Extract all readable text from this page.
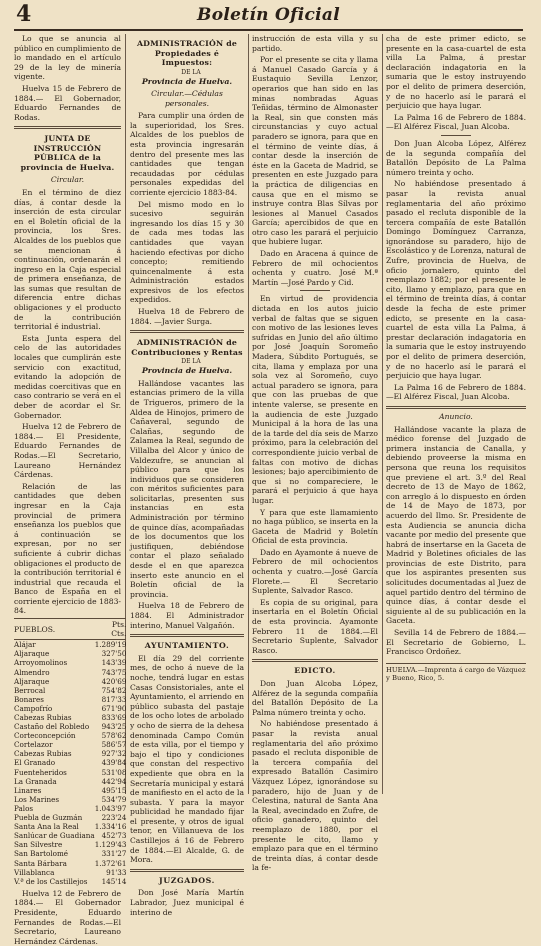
4	Boletín Oficial

Lo que se anuncia al público en cumplimiento de lo mandado en el artículo 29 de la ley de minería vigente.

Huelva 15 de Febrero de 1884.— El Gobernador, Eduardo Fernandes de Rodas.

JUNTA DE INSTRUCCIÓN PÚBLICA de la provincia de Huelva.

Circular.

En el término de diez días, á contar desde la inserción de esta circular en el Boletín oficial de la provincia, los Sres. Alcaldes de los pueblos que se mencionan á continuación, ordenarán el ingreso en la Caja especial de primera enseñanza, de las sumas que resultan de diferencia entre dichas obligaciones y el producto de la contribución territorial é industrial.

Esta Junta espera del celo de las autoridades locales que cumplirán este servicio con exactitud, evitando la adopción de medidas coercitivas que en caso contrario se verá en el deber de acordar el Sr. Gobernador.

Huelva 12 de Febrero de 1884.— El Presidente, Eduardo Fernandes de Rodas.—El Secretario, Laureano Hernández Cárdenas.

Relación de las cantidades que deben ingresar en la Caja provincial de primera enseñanza los pueblos que á continuación se expresan, por no ser suficiente á cubrir dichas obligaciones el producto de la contribución territorial é industrial que recauda el Banco de España en el corriente ejercicio de 1883-84.

PUEBLOS.	Pts. Cts.
Alájar	1.289'19
Aljaraque	327'50
Arroyomolinos	143'39
Almendro	743'75
Aljaraque	420'69
Berrocal	754'82
Bonares	817'33
Campofrío	671'90
Cabezas Rubias	833'69
Castaño del Robledo	943'25
Corteconcepción	578'62
Cortelazor	586'57
Cabezas Rubias	927'32
El Granado	439'84
Fuenteheridos	531'08
La Granada	442'94
Linares	495'15
Los Marines	534'79
Palos	1.043'97
Puebla de Guzmán	223'24
Santa Ana la Real	1.334'16
Sanlúcar de Guadiana	452'73
San Silvestre	1.129'43
San Bartolomé	331'27
Santa Bárbara	1.372'61
Villablanca	91'33
V.ª de los Castillejos	145'14

Huelva 12 de Febrero de 1884.— El Gobernador Presidente, Eduardo Fernandes de Rodas.—El Secretario, Laureano Hernández Cárdenas.

ADMINISTRACIÓN de Propiedades é Impuestos:

DE LA

Provincia de Huelva.

Circular.—Cédulas personales.

Para cumplir una órden de la superioridad, los Sres. Alcaldes de los pueblos de esta provincia ingresarán dentro del presente mes las cantidades que tengan recaudadas por cédulas personales expedidas del corriente ejercicio 1883-84.

Del mismo modo en lo sucesivo seguirán ingresando los días 15 y 30 de cada mes todas las cantidades que vayan haciendo efectivas por dicho concepto; remitiendo quincenalmente á esta Administración estados expresivos de los efectos expedidos.

Huelva 18 de Febrero de 1884. —Javier Surga.

ADMINISTRACIÓN de Contribuciones y Rentas

DE LA

Provincia de Huelva.

Hallándose vacantes las estancias primero de la villa de Trigueros, primero de la Aldea de Hinojos, primero de Cañaveral, segundo de Calañas, segundo de Zalamea la Real, segundo de Villalba del Alcor y único de Valdezufre, se anuncian al público para que los individuos que se consideren con méritos suficientes para solicitarlas, presenten sus instancias en esta Administración por término de quince días, acompañadas de los documentos que los justifiquen, debiéndose contar el plazo señalado desde el en que aparezca inserto este anuncio en el Boletín oficial de la provincia.

Huelva 18 de Febrero de 1884. El Administrador interino, Manuel Valgañón.

AYUNTAMIENTO.

El día 29 del corriente mes, de ocho á nueve de la noche, tendrá lugar en estas Casas Consistoriales, ante el Ayuntamiento, el arriendo en público subasta del pastaje de los ocho lotes de arbolado y ocho de sierra de la dehesa denominada Campo Común de esta villa, por el tiempo y bajo el tipo y condiciones que constan del respectivo expediente que obra en la Secretaría municipal y estará de manifiesto en el acto de la subasta. Y para la mayor publicidad he mandado fijar el presente, y otros de igual tenor, en Villanueva de los Castillejos á 16 de Febrero de 1884.—El Alcalde, G. de Mora.

JUZGADOS.

Don José María Martín Labrador, Juez municipal é interino de

instrucción de esta villa y su partido.

Por el presente se cita y llama á Manuel Casado García y á Eustaquio Sevilla Lenzor, operarios que han sido en las minas nombradas Aguas Teñidas, término de Almonaster la Real, sin que consten más circunstancias y cuyo actual paradero se ignora, para que en el término de veinte días, á contar desde la inserción de éste en la Gaceta de Madrid, se presenten en este Juzgado para la práctica de diligencias en causa que en el mismo se instruye contra Blas Sílvas por lesiones al Manuel Casados García; apercibidos de que en otro caso les parará el perjuicio que hubiere lugar.

Dado en Aracena á quince de Febrero de mil ochocientos ochenta y cuatro. José M.ª Martín —José Pardo y Cid.

En virtud de providencia dictada en los autos juicio verbal de faltas que se siguen con motivo de las lesiones leves sufridas en Junio del año último por José Joaquín Soromeño Madera, Súbdito Portugués, se cita, llama y emplaza por una sola vez al Soromeño, cuyo actual paradero se ignora, para que con las pruebas de que intente valerse, se presente en la audiencia de este Juzgado Municipal á la hora de las una de la tarde del día seis de Marzo próximo, para la celebración del correspondiente juicio verbal de faltas con motivo de dichas lesiones; bajo apercibimiento de que si no compareciere, le parará el perjuicio á que haya lugar.

Y para que este llamamiento no haga público, se inserta en la Gaceta de Madrid y Boletín Oficial de esta provincia.

Dado en Ayamonte á nueve de Febrero de mil ochocientos ochenta y cuatro.—José García Florete.— El Secretario Suplente, Salvador Rasco.

Es copia de su original, para insertarla en el Boletín Oficial de esta provincia. Ayamonte Febrero 11 de 1884.—El Secretario Suplente, Salvador Rasco.

EDICTO.

Don Juan Alcoba López, Alférez de la segunda compañía del Batallón Depósito de La Palma número treinta y ocho.

No habiéndose presentado á pasar la revista anual reglamentaria del año próximo pasado el recluta disponible de la tercera compañía del expresado Batallón Casimiro Vázquez López, ignorándose su paradero, hijo de Juan y de Celestina, natural de Santa Ana la Real, avecindado en Zufre, de oficio ganadero, quinto del reemplazo de 1880, por el presente le cito, llamo y emplazo para que en el término de treinta días, á contar desde la fe-

cha de este primer edicto, se presente en la casa-cuartel de esta villa La Palma, á prestar declaración indagatoria en la sumaria que le estoy instruyendo por el delito de primera deserción, y de no hacerlo así le parará el perjuicio que haya lugar.

La Palma 16 de Febrero de 1884. —El Alférez Fiscal, Juan Alcoba.

Don Juan Alcoba López, Alférez de la segunda compañía del Batallón Depósito de La Palma número treinta y ocho.

No habiéndose presentado á pasar la revista anual reglamentaria del año próximo pasado el recluta disponible de la tercera compañía de este Batallón Domingo Domínguez Carranza, ignorándose su paradero, hijo de Escolástico y de Lorenza, natural de Zufre, provincia de Huelva, de oficio jornalero, quinto del reemplazo 1882; por el presente le cito, llamo y emplazo, para que en el término de treinta días, á contar desde la fecha de este primer edicto, se presente en la casa-cuartel de esta villa La Palma, á prestar declaración indagatoria en la sumaria que le estoy instruyendo por el delito de primera deserción, y de no hacerlo así le parará el perjuicio que haya lugar.

La Palma 16 de Febrero de 1884. —El Alférez Fiscal, Juan Alcoba.

Anuncio.

Hallándose vacante la plaza de médico forense del Juzgado de primera instancia de Canalla, y debiendo proveerse la misma en persona que reuna los requisitos que previene el art. 3.º del Real decreto de 13 de Mayo de 1862, con arreglo á lo dispuesto en órden de 14 de Mayo de 1873, por acuerdo del Ilmo. Sr. Presidente de esta Audiencia se anuncia dicha vacante por medio del presente que habrá de insertarse en la Gaceta de Madrid y Boletines oficiales de las provincias de este Distrito, para que los aspirantes presenten sus solicitudes documentadas al Juez de aquel partido dentro del término de quince días, á contar desde el siguiente al de su publicación en la Gaceta.

Sevilla 14 de Febrero de 1884.— El Secretario de Gobierno, L. Francisco Ordoñez.

HUELVA.—Imprenta á cargo de Vázquez y Bueno, Rico, 5.
